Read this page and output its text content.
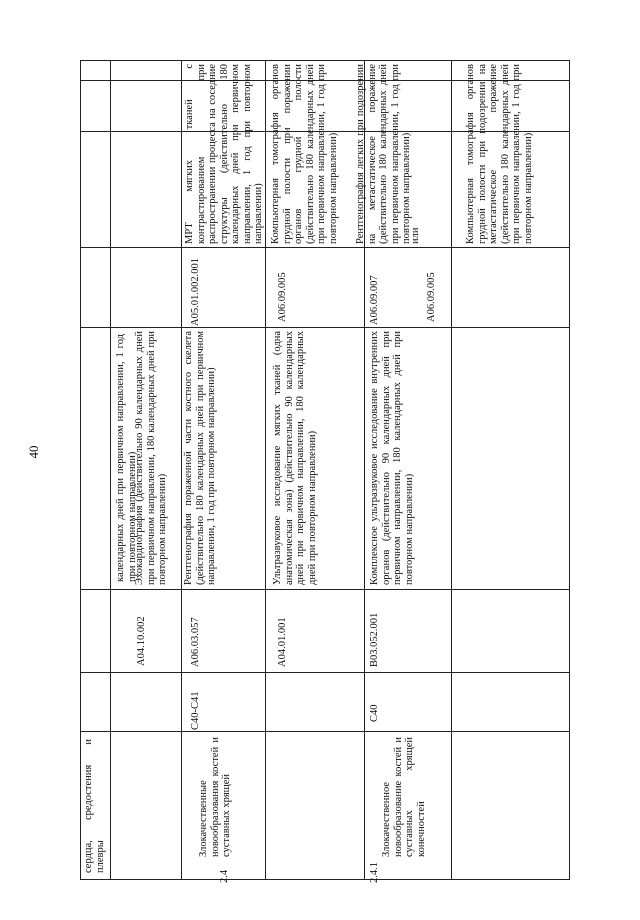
40
сердца, средостения и плевры
календарных дней при первичном направлении, 1 год при повторном направлении)
A04.10.002
2.4
Злокачественные новообразования костей и суставных хрящей
C40-C41
A06.03.057
Рентгенография пораженной части костного скелета (действительно 180 календарных дней при первичном направлении, 1 год при повторном направлении)
A05.01.002.001
МРТ мягких тканей с контрастированием при распространении процесса на соседние структуры (действительно 180 календарных дней при первичном направлении, 1 год при повторном направлении)
A04.01.001
Ультразвуковое исследование мягких тканей (одна анатомическая зона) (действительно 90 календарных дней при первичном направлении, 180 календарных дней при повторном направлении)
A06.09.005
Компьютерная томография органов грудной полости при поражении органов грудной полости (действительно 180 календарных дней при первичном направлении, 1 год при повторном направлении)
2.4.1
Злокачественное новообразование костей и суставных хрящей конечностей
C40
B03.052.001
Комплексное ультразвуковое исследование внутренних органов (действительно 90 календарных дней при первичном направлении, 180 календарных дней при повторном направлении)
A06.09.007	A06.09.005
Рентгенография легких при подозрении на метастатическое поражение (действительно 180 календарных дней при первичном направлении, 1 год при повторном направлении)
или	Компьютерная томография органов грудной полости при подозрении на метастатическое поражение (действительно 180 календарных дней при первичном направлении, 1 год при повторном направлении)
Эхокардиография (действительно 90 календарных дней при первичном направлении, 180 календарных дней при повторном направлении)
